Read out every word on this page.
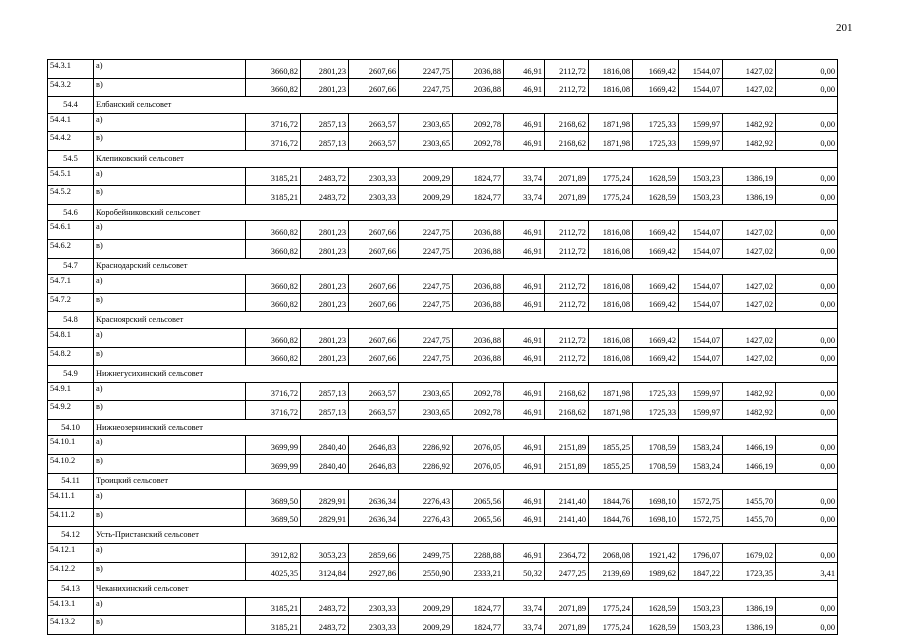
201
54.3.1	а)	3660,82	2801,23	2607,66	2247,75	2036,88	46,91	2112,72	1816,08	1669,42	1544,07	1427,02	0,00	
54.3.2	в)	3660,82	2801,23	2607,66	2247,75	2036,88	46,91	2112,72	1816,08	1669,42	1544,07	1427,02	0,00	
54.4	Елбанский сельсовет													
54.4.1	а)	3716,72	2857,13	2663,57	2303,65	2092,78	46,91	2168,62	1871,98	1725,33	1599,97	1482,92	0,00	
54.4.2	в)	3716,72	2857,13	2663,57	2303,65	2092,78	46,91	2168,62	1871,98	1725,33	1599,97	1482,92	0,00	
54.5	Клепиковский сельсовет													
54.5.1	а)	3185,21	2483,72	2303,33	2009,29	1824,77	33,74	2071,89	1775,24	1628,59	1503,23	1386,19	0,00	
54.5.2	в)	3185,21	2483,72	2303,33	2009,29	1824,77	33,74	2071,89	1775,24	1628,59	1503,23	1386,19	0,00	
54.6	Коробейниковский сельсовет													
54.6.1	а)	3660,82	2801,23	2607,66	2247,75	2036,88	46,91	2112,72	1816,08	1669,42	1544,07	1427,02	0,00	
54.6.2	в)	3660,82	2801,23	2607,66	2247,75	2036,88	46,91	2112,72	1816,08	1669,42	1544,07	1427,02	0,00	
54.7	Краснодарский сельсовет													
54.7.1	а)	3660,82	2801,23	2607,66	2247,75	2036,88	46,91	2112,72	1816,08	1669,42	1544,07	1427,02	0,00	
54.7.2	в)	3660,82	2801,23	2607,66	2247,75	2036,88	46,91	2112,72	1816,08	1669,42	1544,07	1427,02	0,00	
54.8	Красноярский сельсовет													
54.8.1	а)	3660,82	2801,23	2607,66	2247,75	2036,88	46,91	2112,72	1816,08	1669,42	1544,07	1427,02	0,00	
54.8.2	в)	3660,82	2801,23	2607,66	2247,75	2036,88	46,91	2112,72	1816,08	1669,42	1544,07	1427,02	0,00	
54.9	Нижнегусихинский сельсовет													
54.9.1	а)	3716,72	2857,13	2663,57	2303,65	2092,78	46,91	2168,62	1871,98	1725,33	1599,97	1482,92	0,00	
54.9.2	в)	3716,72	2857,13	2663,57	2303,65	2092,78	46,91	2168,62	1871,98	1725,33	1599,97	1482,92	0,00	
54.10	Нижнеозернинский сельсовет													
54.10.1	а)	3699,99	2840,40	2646,83	2286,92	2076,05	46,91	2151,89	1855,25	1708,59	1583,24	1466,19	0,00	
54.10.2	в)	3699,99	2840,40	2646,83	2286,92	2076,05	46,91	2151,89	1855,25	1708,59	1583,24	1466,19	0,00	
54.11	Троицкий сельсовет													
54.11.1	а)	3689,50	2829,91	2636,34	2276,43	2065,56	46,91	2141,40	1844,76	1698,10	1572,75	1455,70	0,00	
54.11.2	в)	3689,50	2829,91	2636,34	2276,43	2065,56	46,91	2141,40	1844,76	1698,10	1572,75	1455,70	0,00	
54.12	Усть-Пристанский сельсовет													
54.12.1	а)	3912,82	3053,23	2859,66	2499,75	2288,88	46,91	2364,72	2068,08	1921,42	1796,07	1679,02	0,00	
54.12.2	в)	4025,35	3124,84	2927,86	2550,90	2333,21	50,32	2477,25	2139,69	1989,62	1847,22	1723,35	3,41	
54.13	Чеканихинский сельсовет													
54.13.1	а)	3185,21	2483,72	2303,33	2009,29	1824,77	33,74	2071,89	1775,24	1628,59	1503,23	1386,19	0,00	
54.13.2	в)	3185,21	2483,72	2303,33	2009,29	1824,77	33,74	2071,89	1775,24	1628,59	1503,23	1386,19	0,00	
